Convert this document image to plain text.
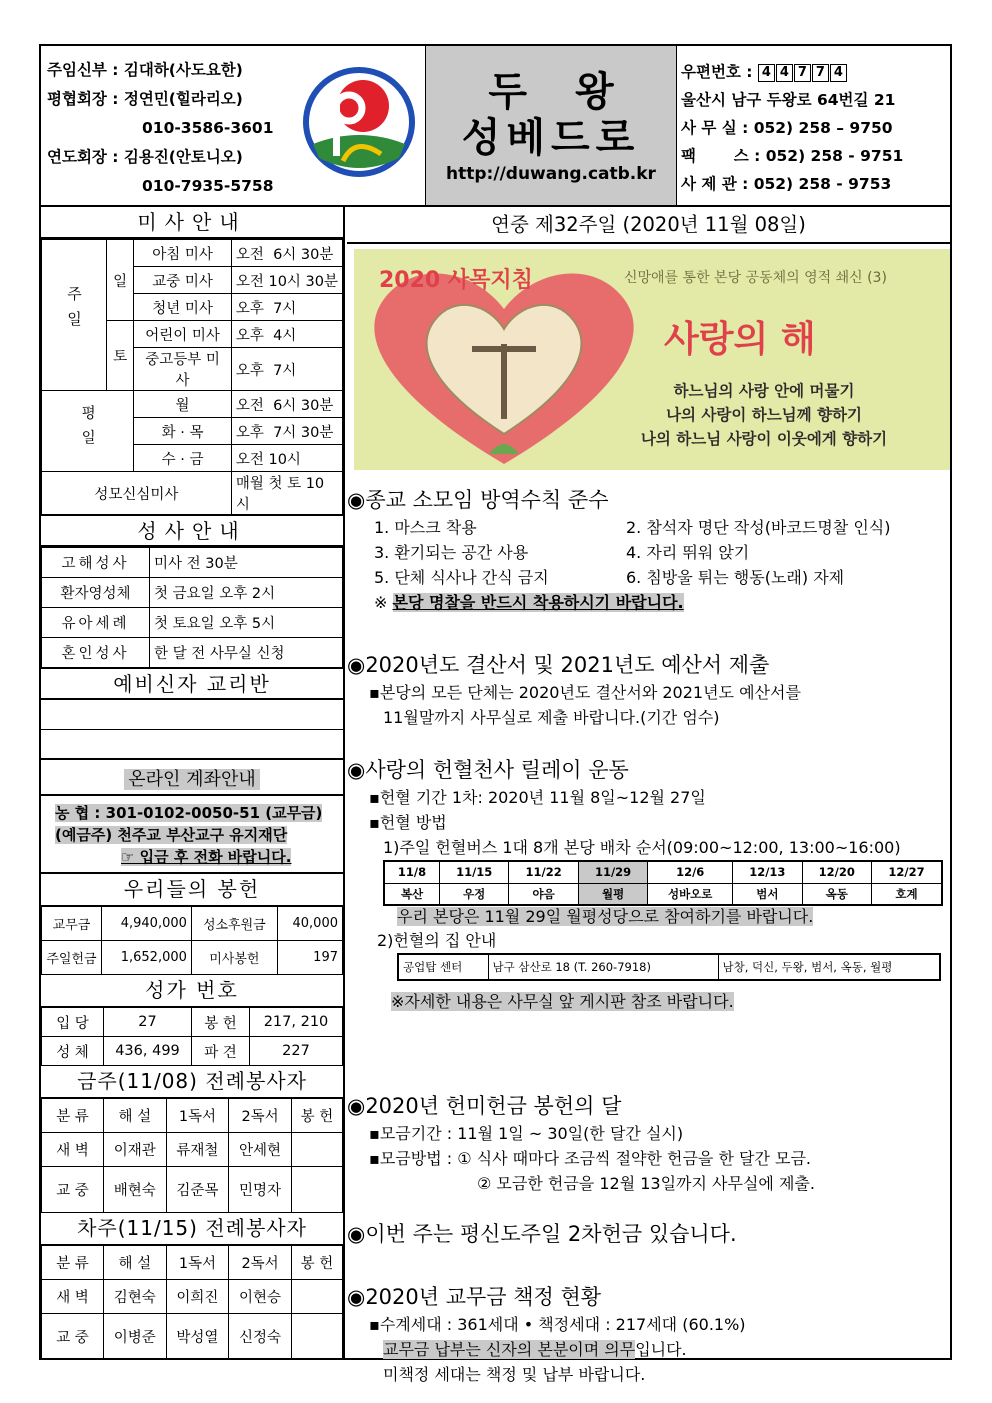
주임신부 : 김대하(사도요한)
평협회장 : 정연민(힐라리오)
010-3586-3601
연도회장 : 김용진(안토니오)
010-7935-5758
두왕
성베드로
http://duwang.catb.kr
우편번호 : 4 4 7 7 4
울산시 남구 두왕로 64번길 21
사 무 실 : 052) 258 – 9750
팩       스 : 052) 258 - 9751
사 제 관 : 052) 258 - 9753
미사안내
주일	일	아침 미사	오전  6시 30분
		교중 미사	오전 10시 30분
		청년 미사	오후  7시
	토	어린이 미사	오후  4시
		중고등부 미사	오후  7시
평일		월	오전  6시 30분
		화 · 목	오후  7시 30분
		수 · 금	오전 10시
성모신심미사			매월 첫 토 10시
성사안내
고해성사	미사 전 30분
환자영성체	첫 금요일 오후 2시
유아세례	첫 토요일 오후 5시
혼인성사	한 달 전 사무실 신청
예비신자 교리반
온라인 계좌안내
농 협 : 301-0102-0050-51 (교무금)
(예금주) 천주교 부산교구 유지재단
☞ 입금 후 전화 바랍니다.
우리들의 봉헌
교무금	4,940,000	성소후원금	40,000
주일헌금	1,652,000	미사봉헌	197
성가 번호
입 당	27	봉 헌	217, 210
성 체	436, 499	파 견	227
금주(11/08) 전례봉사자
분 류	해 설	1독서	2독서	봉 헌
새 벽	이재관	류재철	안세현	
교 중	배현숙	김준목	민명자	
차주(11/15) 전례봉사자
분 류	해 설	1독서	2독서	봉 헌
새 벽	김현숙	이희진	이현승	
교 중	이병준	박성열	신정숙	
연중 제32주일 (2020년 11월 08일)
2020 사목지침	신망애를 통한 본당 공동체의 영적 쇄신 (3)
사랑의 해
하느님의 사랑 안에 머물기
나의 사랑이 하느님께 향하기
나의 하느님 사랑이 이웃에게 향하기
◉종교 소모임 방역수칙 준수
1. 마스크 착용	2. 참석자 명단 작성(바코드명찰 인식)
3. 환기되는 공간 사용	4. 자리 뛰워 앉기
5. 단체 식사나 간식 금지	6. 침방울 튀는 행동(노래) 자제
※ 본당 명찰을 반드시 착용하시기 바랍니다.
◉2020년도 결산서 및 2021년도 예산서 제출
▪본당의 모든 단체는 2020년도 결산서와 2021년도 예산서를
11월말까지 사무실로 제출 바랍니다.(기간 엄수)
◉사랑의 헌혈천사 릴레이 운동
▪헌혈 기간 1차: 2020년 11월 8일~12월 27일
▪헌혈 방법
1)주일 헌혈버스 1대 8개 본당 배차 순서(09:00~12:00, 13:00~16:00)
11/8	11/15	11/22	11/29	12/6	12/13	12/20	12/27
복산	우정	야음	월평	성바오로	범서	옥동	호계
우리 본당은 11월 29일 월평성당으로 참여하기를 바랍니다.
2)헌혈의 집 안내
공업탑 센터	남구 삼산로 18 (T. 260-7918)	남창, 덕신, 두왕, 범서, 옥동, 월평
※자세한 내용은 사무실 앞 게시판 참조 바랍니다.
◉2020년 헌미헌금 봉헌의 달
▪모금기간 : 11월 1일 ~ 30일(한 달간 실시)
▪모금방법 : ① 식사 때마다 조금씩 절약한 헌금을 한 달간 모금.
② 모금한 헌금을 12월 13일까지 사무실에 제출.
◉이번 주는 평신도주일 2차헌금 있습니다.
◉2020년 교무금 책정 현황
▪수계세대 : 361세대 • 책정세대 : 217세대 (60.1%)
교무금 납부는 신자의 본분이며 의무입니다.
미책정 세대는 책정 및 납부 바랍니다.
